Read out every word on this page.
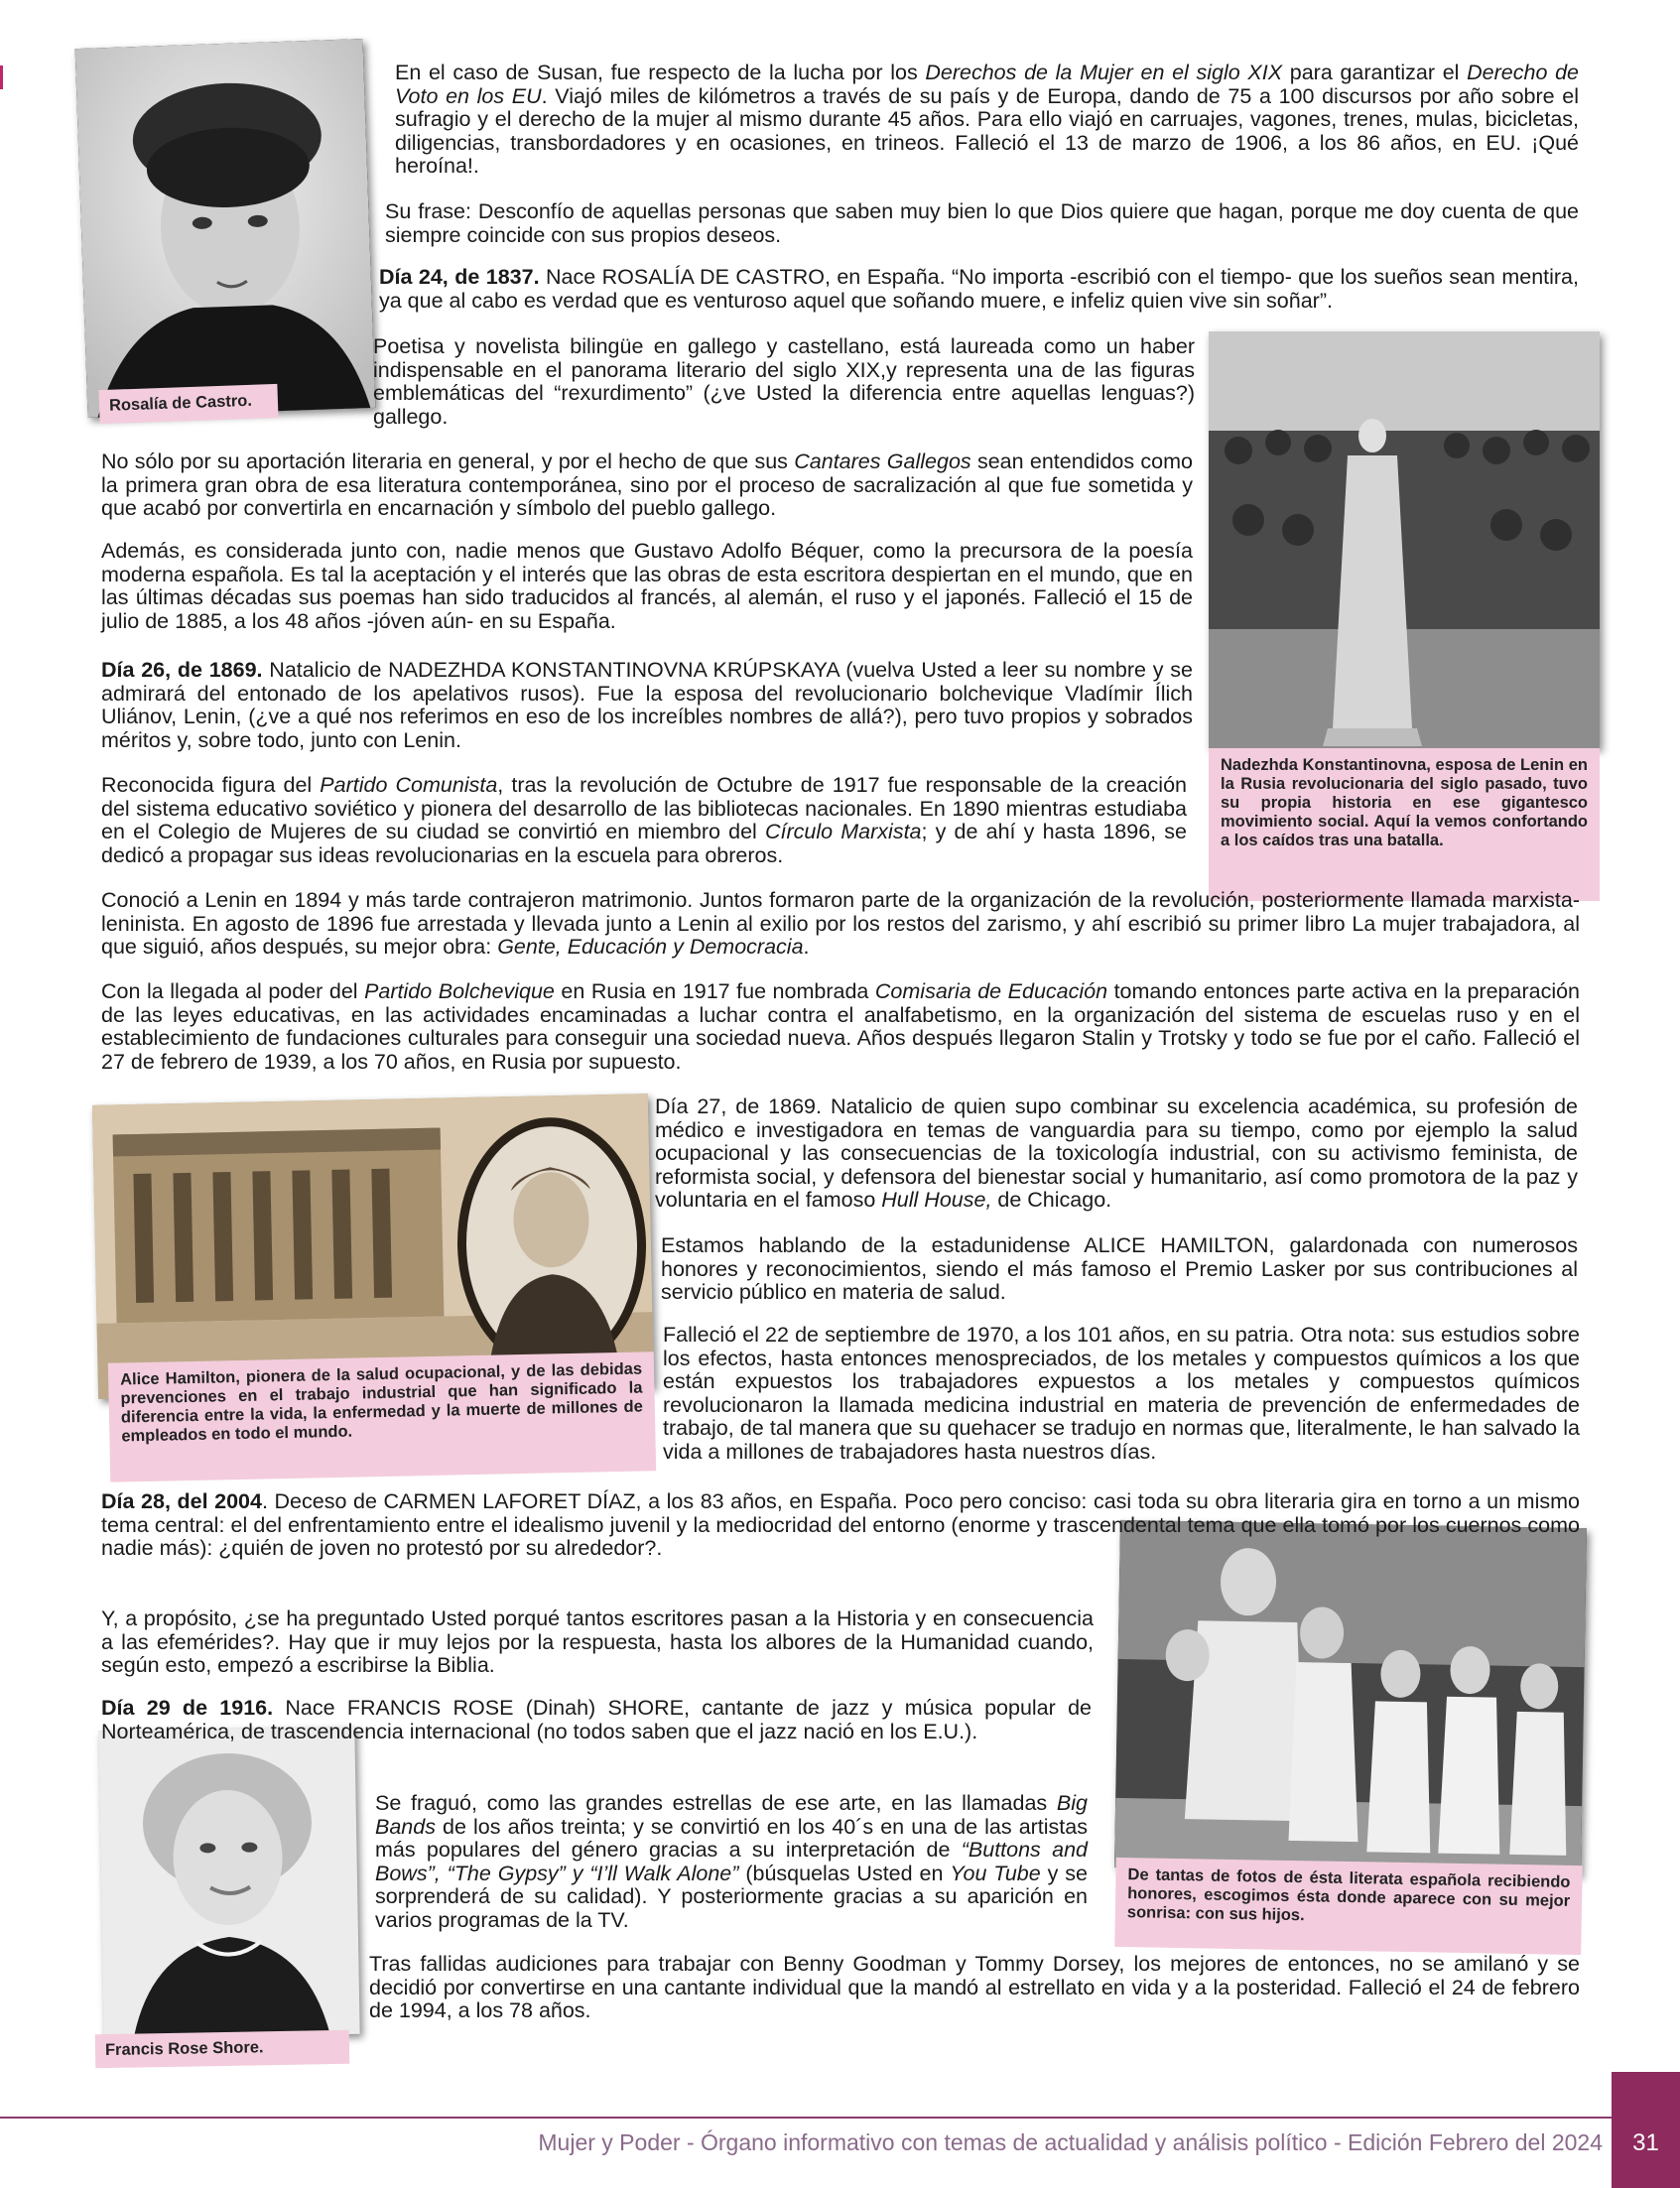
Rosalía de Castro.

En el caso de Susan, fue respecto de la lucha por los Derechos de la Mujer en el siglo XIX para garantizar el Derecho de Voto en los EU. Viajó miles de kilómetros a través de su país y de Europa, dando de 75 a 100 discursos por año sobre el sufragio y el derecho de la mujer al mismo durante 45 años. Para ello viajó en carruajes, vagones, trenes, mulas, bicicletas, diligencias, transbordadores y en ocasiones, en trineos. Falleció el 13 de marzo de 1906, a los 86 años, en EU. ¡Qué heroína!.

Su frase: Desconfío de aquellas personas que saben muy bien lo que Dios quiere que hagan, porque me doy cuenta de que siempre coincide con sus propios deseos.

Día 24, de 1837. Nace ROSALÍA DE CASTRO, en España. “No importa -escribió con el tiempo- que los sueños sean mentira, ya que al cabo es verdad que es venturoso aquel que soñando muere, e infeliz quien vive sin soñar”.

Nadezhda Konstantinovna, esposa de Lenin en la Rusia revolucionaria del siglo pasado, tuvo su propia historia en ese gigantesco movimiento social. Aquí la vemos confortando a los caídos tras una batalla.

Poetisa y novelista bilingüe en gallego y castellano, está laureada como un haber indispensable en el panorama literario del siglo XIX,y representa una de las figuras emblemáticas del “rexurdimento” (¿ve Usted la diferencia entre aquellas lenguas?) gallego.

No sólo por su aportación literaria en general, y por el hecho de que sus Cantares Gallegos sean entendidos como la primera gran obra de esa literatura contemporánea, sino por el proceso de sacralización al que fue sometida y que acabó por convertirla en encarnación y símbolo del pueblo gallego.

Además, es considerada junto con, nadie menos que Gustavo Adolfo Béquer, como la precursora de la poesía moderna española. Es tal la aceptación y el interés que las obras de esta escritora despiertan en el mundo, que en las últimas décadas sus poemas han sido traducidos al francés, al alemán, el ruso y el japonés. Falleció el 15 de julio de 1885, a los 48 años -jóven aún- en su España.

Día 26, de 1869. Natalicio de NADEZHDA KONSTANTINOVNA KRÚPSKAYA (vuelva Usted a leer su nombre y se admirará del entonado de los apelativos rusos). Fue la esposa del revolucionario bolchevique Vladímir Ílich Uliánov, Lenin, (¿ve a qué nos referimos en eso de los increíbles nombres de allá?), pero tuvo propios y sobrados méritos y, sobre todo, junto con Lenin.

Reconocida figura del Partido Comunista, tras la revolución de Octubre de 1917 fue responsable de la creación del sistema educativo soviético y pionera del desarrollo de las bibliotecas nacionales. En 1890 mientras estudiaba en el Colegio de Mujeres de su ciudad se convirtió en miembro del Círculo Marxista; y de ahí y hasta 1896, se dedicó a propagar sus ideas revolucionarias en la escuela para obreros.

Conoció a Lenin en 1894 y más tarde contrajeron matrimonio. Juntos formaron parte de la organización de la revolución, posteriormente llamada marxista-leninista. En agosto de 1896 fue arrestada y llevada junto a Lenin al exilio por los restos del zarismo, y ahí escribió su primer libro La mujer trabajadora, al que siguió, años después, su mejor obra: Gente, Educación y Democracia.

Con la llegada al poder del Partido Bolchevique en Rusia en 1917 fue nombrada Comisaria de Educación tomando entonces parte activa en la preparación de las leyes educativas, en las actividades encaminadas a luchar contra el analfabetismo, en la organización del sistema de escuelas ruso y en el establecimiento de fundaciones culturales para conseguir una sociedad nueva. Años después llegaron Stalin y Trotsky y todo se fue por el caño. Falleció el 27 de febrero de 1939, a los 70 años, en Rusia por supuesto.

Alice Hamilton, pionera de la salud ocupacional, y de las debidas prevenciones en el trabajo industrial que han significado la diferencia entre la vida, la enfermedad y la muerte de millones de empleados en todo el mundo.

Día 27, de 1869. Natalicio de quien supo combinar su excelencia académica, su profesión de médico e investigadora en temas de vanguardia para su tiempo, como por ejemplo la salud ocupacional y las consecuencias de la toxicología industrial, con su activismo feminista, de reformista social, y defensora del bienestar social y humanitario, así como promotora de la paz y voluntaria en el famoso Hull House, de Chicago.

Estamos hablando de la estadunidense ALICE HAMILTON, galardonada con numerosos honores y reconocimientos, siendo el más famoso el Premio Lasker por sus contribuciones al servicio público en materia de salud.

Falleció el 22 de septiembre de 1970, a los 101 años, en su patria. Otra nota: sus estudios sobre los efectos, hasta entonces menospreciados, de los metales y compuestos químicos a los que están expuestos los trabajadores expuestos a los metales y compuestos químicos revolucionaron la llamada medicina industrial en materia de prevención de enfermedades de trabajo, de tal manera que su quehacer se tradujo en normas que, literalmente, le han salvado la vida a millones de trabajadores hasta nuestros días.

De tantas de fotos de ésta literata española recibiendo honores, escogimos ésta donde aparece con su mejor sonrisa: con sus hijos.

Día 28, del 2004. Deceso de CARMEN LAFORET DÍAZ, a los 83 años, en España. Poco pero conciso: casi toda su obra literaria gira en torno a un mismo tema central: el del enfrentamiento entre el idealismo juvenil y la mediocridad del entorno (enorme y trascendental tema que ella tomó por los cuernos como nadie más): ¿quién de joven no protestó por su alrededor?.

Y, a propósito, ¿se ha preguntado Usted porqué tantos escritores pasan a la Historia y en consecuencia a las efemérides?. Hay que ir muy lejos por la respuesta, hasta los albores de la Humanidad cuando, según esto, empezó a escribirse la Biblia.

Francis Rose Shore.

Día 29 de 1916. Nace FRANCIS ROSE (Dinah) SHORE, cantante de jazz y música popular de Norteamérica, de trascendencia internacional (no todos saben que el jazz nació en los E.U.).

Se fraguó, como las grandes estrellas de ese arte, en las llamadas Big Bands de los años treinta; y se convirtió en los 40´s en una de las artistas más populares del género gracias a su interpretación de “Buttons and Bows”, “The Gypsy” y “I’ll Walk Alone” (búsquelas Usted en You Tube y se sorprenderá de su calidad). Y posteriormente gracias a su aparición en varios programas de la TV.

Tras fallidas audiciones para trabajar con Benny Goodman y Tommy Dorsey, los mejores de entonces, no se amilanó y se decidió por convertirse en una cantante individual que la mandó al estrellato en vida y a la posteridad. Falleció el 24 de febrero de 1994, a los 78 años.

Mujer y Poder - Órgano informativo con temas de actualidad y análisis político - Edición Febrero del 2024	31
